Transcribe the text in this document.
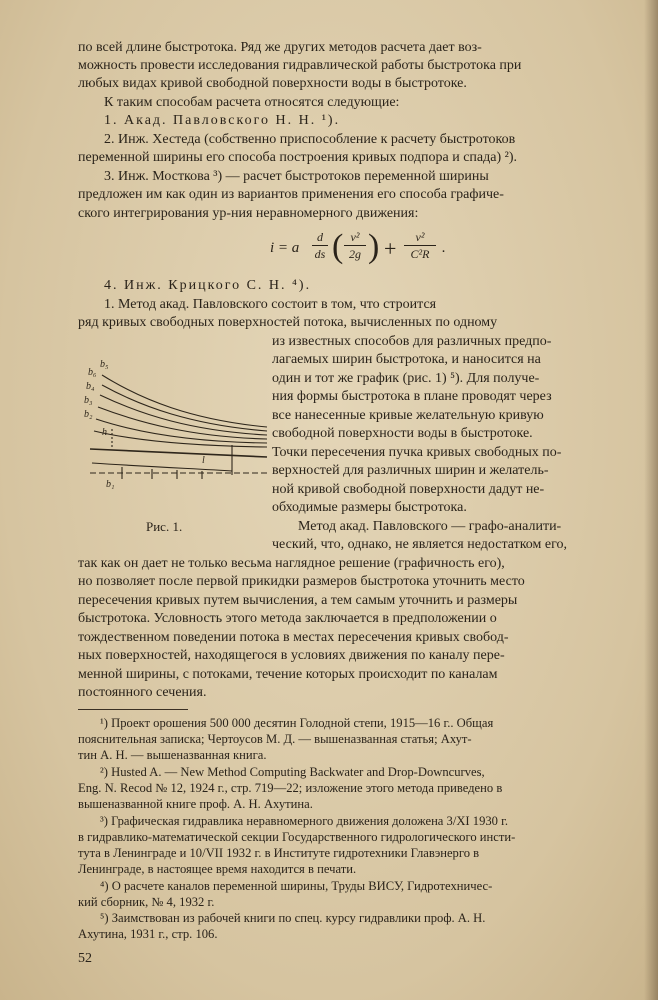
по всей длине быстротока. Ряд же других методов расчета дает воз-
можность провести исследования гидравлической работы быстротока при
любых видах кривой свободной поверхности воды в быстротоке.
К таким способам расчета относятся следующие:
1. Акад. Павловского Н. Н. ¹).
2. Инж. Хестеда (собственно приспособление к расчету быстротоков
переменной ширины его способа построения кривых подпора и спада) ²).
3. Инж. Мосткова ³) — расчет быстротоков переменной ширины
предложен им как один из вариантов применения его способа графиче-
ского интегрирования ур-ния неравномерного движения:
i = a
d
ds ( v²
2g ) +	v²
C²R .
4. Инж. Крицкого С. Н. ⁴).
1. Метод акад. Павловского состоит в том, что строится
ряд кривых свободных поверхностей потока, вычисленных по одному
из известных способов для различных предпо-
лагаемых ширин быстротока, и наносится на
один и тот же график (рис. 1) ⁵). Для получе-
ния формы быстротока в плане проводят через
все нанесенные кривые желательную кривую
свободной поверхности воды в быстротоке.
Точки пересечения пучка кривых свободных по-
верхностей для различных ширин и желатель-
ной кривой свободной поверхности дадут не-
обходимые размеры быстротока.
Метод акад. Павловского — графо-аналити-
ческий, что, однако, не является недостатком его,
b₆
b₅
b₄
b₃
b₂
b₁
h
l
Рис. 1.
так как он дает не только весьма наглядное решение (графичность его),
но позволяет после первой прикидки размеров быстротока уточнить место
пересечения кривых путем вычисления, а тем самым уточнить и размеры
быстротока. Условность этого метода заключается в предположении о
тождественном поведении потока в местах пересечения кривых свобод-
ных поверхностей, находящегося в условиях движения по каналу пере-
менной ширины, с потоками, течение которых происходит по каналам
постоянного сечения.
¹) Проект орошения 500 000 десятин Голодной степи, 1915—16 г.. Общая
пояснительная записка; Чертоусов М. Д. — вышеназванная статья; Ахут-
тин А. Н. — вышеназванная книга.
²) Husted A. — New Method Computing Backwater and Drop-Downcurves,
Eng. N. Recod № 12, 1924 г., стр. 719—22; изложение этого метода приведено в
вышеназванной книге проф. А. Н. Ахутина.
³) Графическая гидравлика неравномерного движения доложена 3/XI 1930 г.
в гидравлико-математической секции Государственного гидрологического инсти-
тута в Ленинграде и 10/VII 1932 г. в Институте гидротехники Главэнерго в
Ленинграде, в настоящее время находится в печати.
⁴) О расчете каналов переменной ширины, Труды ВИСУ, Гидротехничес-
кий сборник, № 4, 1932 г.
⁵) Заимствован из рабочей книги по спец. курсу гидравлики проф. А. Н.
Ахутина, 1931 г., стр. 106.
52
